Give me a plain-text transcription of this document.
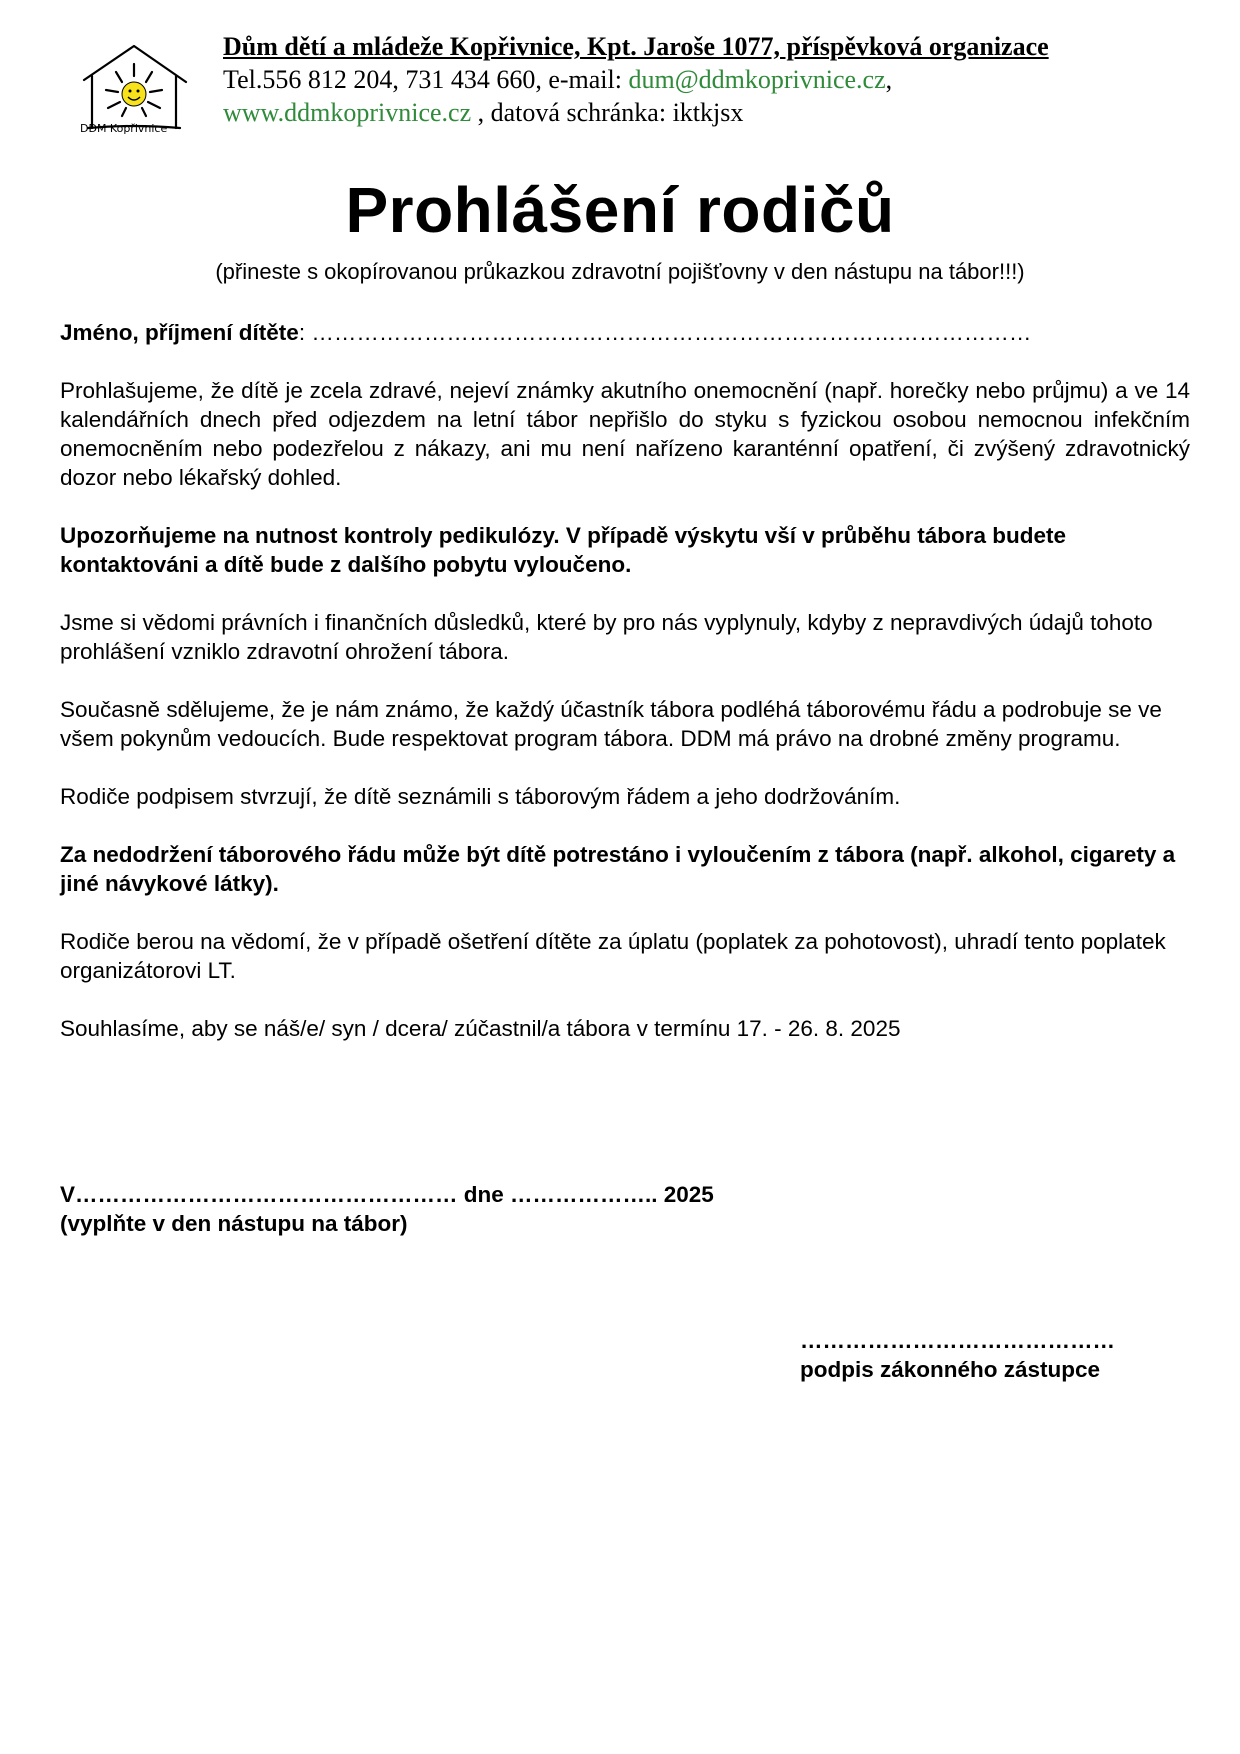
DDM Kopřivnice
Dům dětí a mládeže Kopřivnice, Kpt. Jaroše 1077, příspěvková organizace
Tel.556 812 204, 731 434 660, e-mail: dum@ddmkoprivnice.cz,
www.ddmkoprivnice.cz , datová schránka: iktkjsx
Prohlášení rodičů
(přineste s okopírovanou průkazkou zdravotní pojišťovny v den nástupu na tábor!!!)

Jméno, příjmení dítěte: ……………………………………………………………………………………

Prohlašujeme, že dítě je zcela zdravé, nejeví známky akutního onemocnění (např. horečky nebo průjmu) a ve 14 kalendářních dnech před odjezdem na letní tábor nepřišlo do styku s fyzickou osobou nemocnou infekčním onemocněním nebo podezřelou z nákazy, ani mu není nařízeno karanténní opatření, či zvýšený zdravotnický dozor nebo lékařský dohled.

Upozorňujeme na nutnost kontroly pedikulózy. V případě výskytu vší v průběhu tábora budete kontaktováni a dítě bude z dalšího pobytu vyloučeno.

Jsme si vědomi právních i finančních důsledků, které by pro nás vyplynuly, kdyby z nepravdivých údajů tohoto prohlášení vzniklo zdravotní ohrožení tábora.

Současně sdělujeme, že je nám známo, že každý účastník tábora podléhá táborovému řádu a podrobuje se ve všem pokynům vedoucích. Bude respektovat program tábora. DDM má právo na drobné změny programu.

Rodiče podpisem stvrzují, že dítě seznámili s táborovým řádem a jeho dodržováním.

Za nedodržení táborového řádu může být dítě potrestáno i vyloučením z tábora (např. alkohol, cigarety a jiné návykové látky).

Rodiče berou na vědomí, že v případě ošetření dítěte za úplatu (poplatek za pohotovost), uhradí tento poplatek organizátorovi LT.

Souhlasíme, aby se náš/e/ syn / dcera/ zúčastnil/a tábora v termínu 17. - 26. 8. 2025

V…………………………………………… dne ……………….. 2025
(vyplňte v den nástupu na tábor)
……………………………………
podpis zákonného zástupce
